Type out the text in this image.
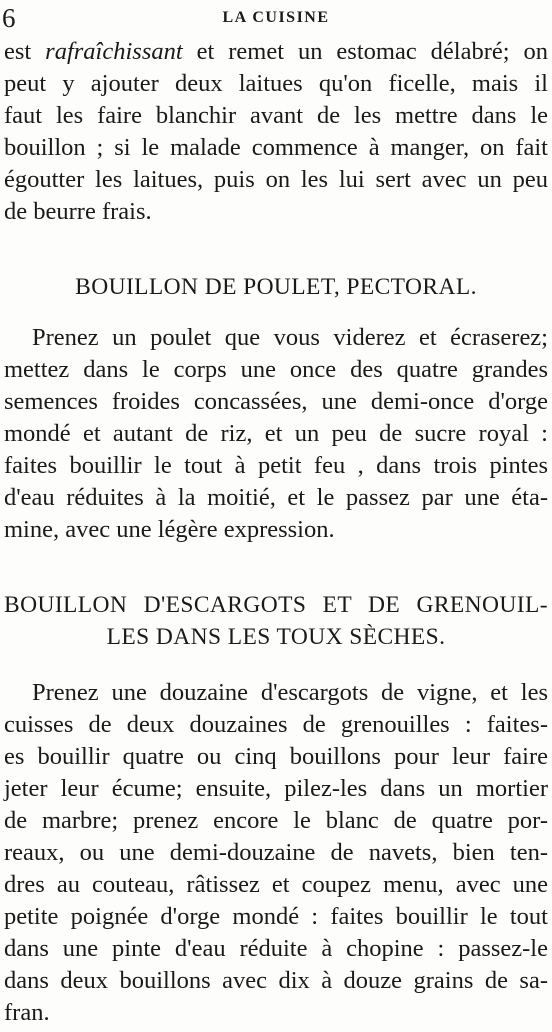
6	LA CUISINE
est rafraîchissant et remet un estomac délabré; on
peut y ajouter deux laitues qu'on ficelle, mais il
faut les faire blanchir avant de les mettre dans le
bouillon ; si le malade commence à manger, on fait
égoutter les laitues, puis on les lui sert avec un peu
de beurre frais.
BOUILLON DE POULET, PECTORAL.
Prenez un poulet que vous viderez et écraserez;
mettez dans le corps une once des quatre grandes
semences froides concassées, une demi-once d'orge
mondé et autant de riz, et un peu de sucre royal :
faites bouillir le tout à petit feu , dans trois pintes
d'eau réduites à la moitié, et le passez par une éta-
mine, avec une légère expression.
BOUILLON D'ESCARGOTS ET DE GRENOUIL-
LES DANS LES TOUX SÈCHES.
Prenez une douzaine d'escargots de vigne, et les
cuisses de deux douzaines de grenouilles : faites-
es bouillir quatre ou cinq bouillons pour leur faire
jeter leur écume; ensuite, pilez-les dans un mortier
de marbre; prenez encore le blanc de quatre por-
reaux, ou une demi-douzaine de navets, bien ten-
dres au couteau, râtissez et coupez menu, avec une
petite poignée d'orge mondé : faites bouillir le tout
dans une pinte d'eau réduite à chopine : passez-le
dans deux bouillons avec dix à douze grains de sa-
fran.
